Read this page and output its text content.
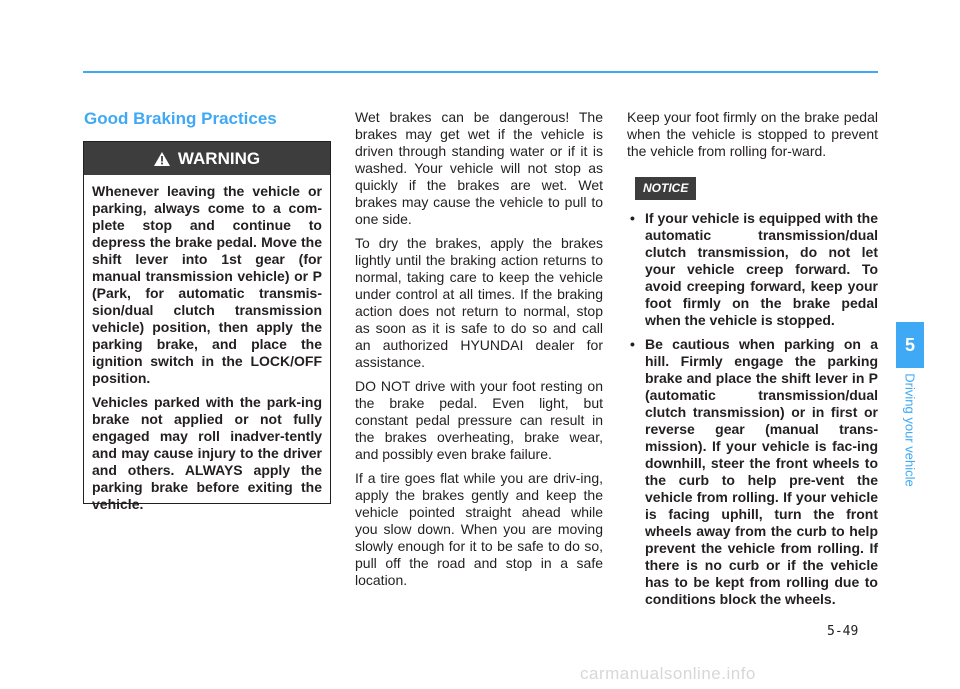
Good Braking Practices
WARNING

Whenever leaving the vehicle or parking, always come to a com-plete stop and continue to depress the brake pedal. Move the shift lever into 1st gear (for manual transmission vehicle) or P (Park, for automatic transmis-sion/dual clutch transmission vehicle) position, then apply the parking brake, and place the ignition switch in the LOCK/OFF position.

Vehicles parked with the park-ing brake not applied or not fully engaged may roll inadver-tently and may cause injury to the driver and others. ALWAYS apply the parking brake before exiting the vehicle.

Wet brakes can be dangerous! The brakes may get wet if the vehicle is driven through standing water or if it is washed. Your vehicle will not stop as quickly if the brakes are wet. Wet brakes may cause the vehicle to pull to one side.

To dry the brakes, apply the brakes lightly until the braking action returns to normal, taking care to keep the vehicle under control at all times. If the braking action does not return to normal, stop as soon as it is safe to do so and call an authorized HYUNDAI dealer for assistance.

DO NOT drive with your foot resting on the brake pedal. Even light, but constant pedal pressure can result in the brakes overheating, brake wear, and possibly even brake failure.

If a tire goes flat while you are driv-ing, apply the brakes gently and keep the vehicle pointed straight ahead while you slow down. When you are moving slowly enough for it to be safe to do so, pull off the road and stop in a safe location.

Keep your foot firmly on the brake pedal when the vehicle is stopped to prevent the vehicle from rolling for-ward.

NOTICE
• If your vehicle is equipped with the automatic transmission/dual clutch transmission, do not let your vehicle creep forward. To avoid creeping forward, keep your foot firmly on the brake pedal when the vehicle is stopped.
• Be cautious when parking on a hill. Firmly engage the parking brake and place the shift lever in P (automatic transmission/dual clutch transmission) or in first or reverse gear (manual trans-mission). If your vehicle is fac-ing downhill, steer the front wheels to the curb to help pre-vent the vehicle from rolling. If your vehicle is facing uphill, turn the front wheels away from the curb to help prevent the vehicle from rolling. If there is no curb or if the vehicle has to be kept from rolling due to conditions block the wheels.
5
Driving your vehicle
5-49
carmanualsonline.info
